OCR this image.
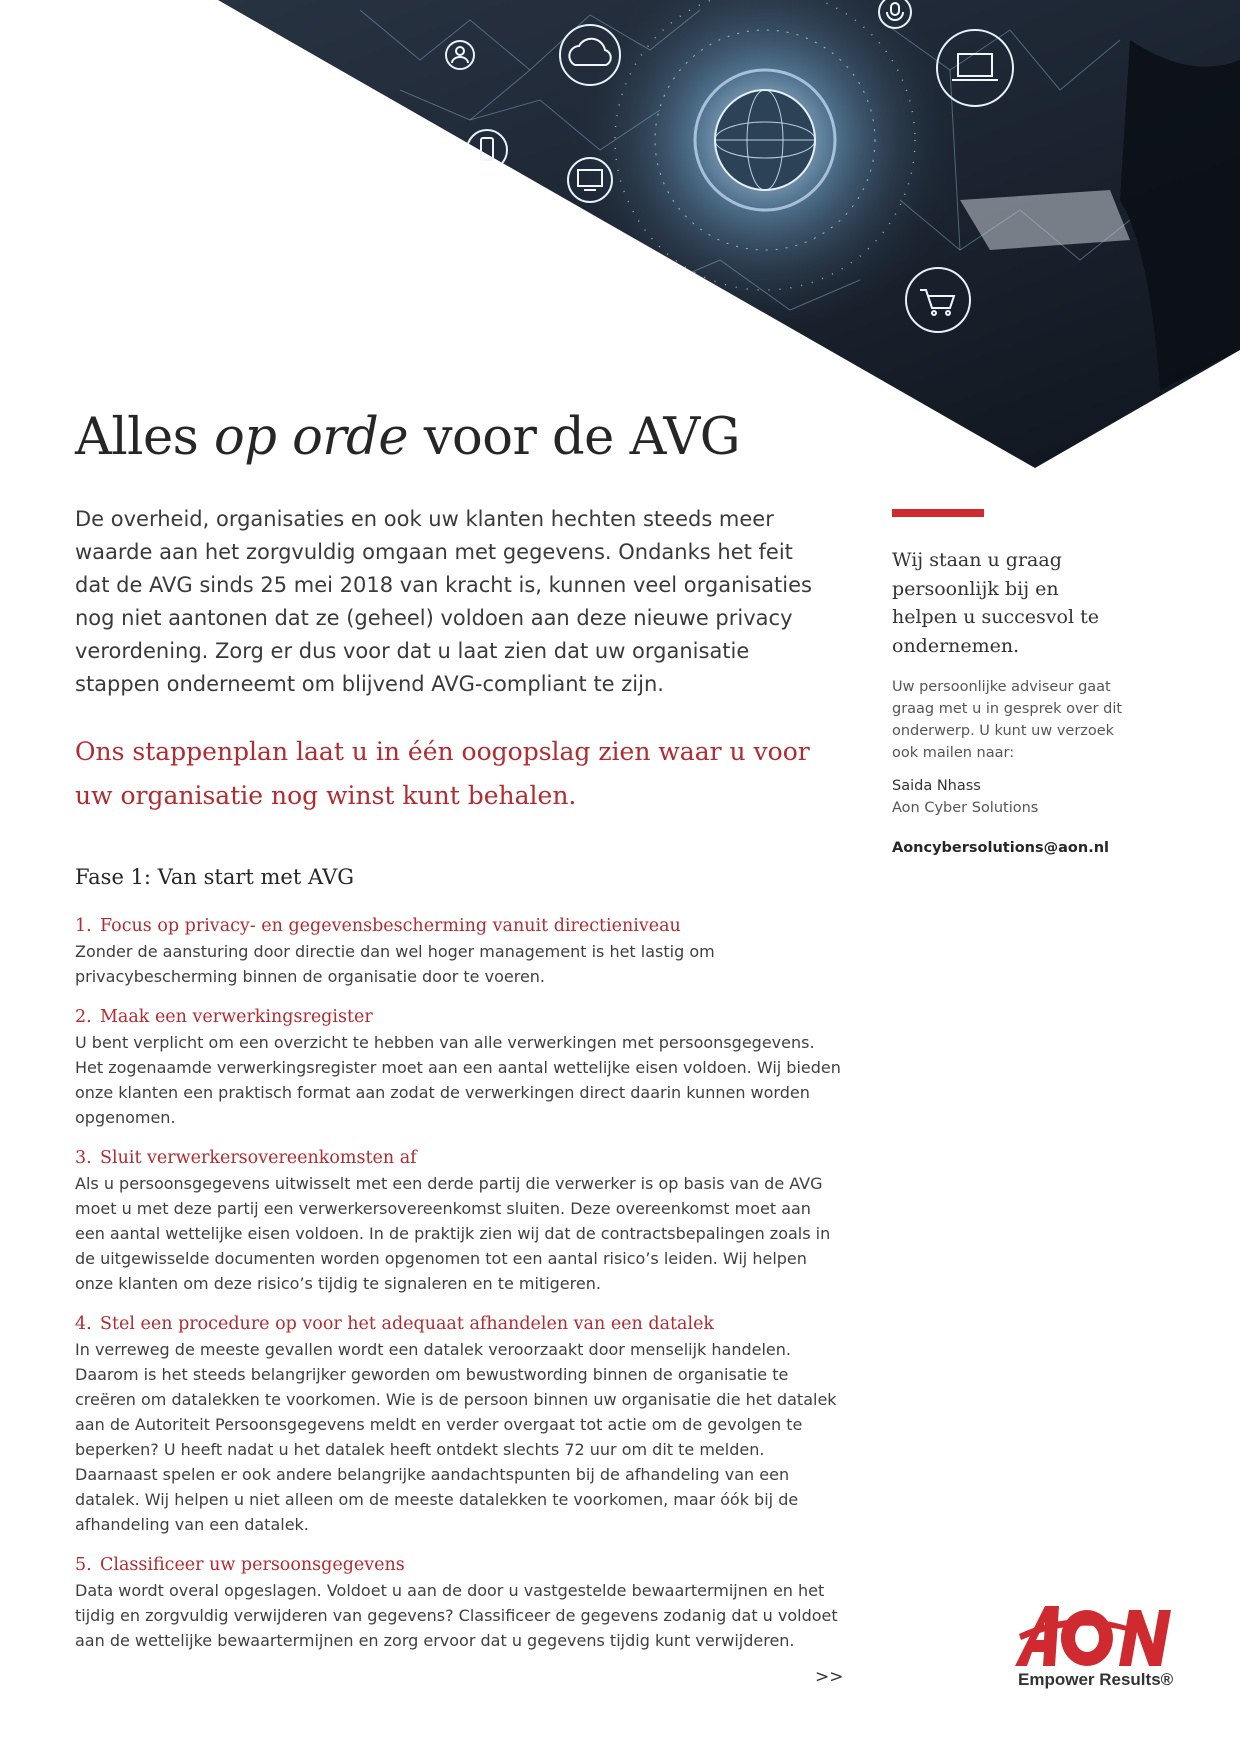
Alles op orde voor de AVG

De overheid, organisaties en ook uw klanten hechten steeds meer waarde aan het zorgvuldig omgaan met gegevens. Ondanks het feit dat de AVG sinds 25 mei 2018 van kracht is, kunnen veel organisaties nog niet aantonen dat ze (geheel) voldoen aan deze nieuwe privacy verordening. Zorg er dus voor dat u laat zien dat uw organisatie stappen onderneemt om blijvend AVG-compliant te zijn.

Ons stappenplan laat u in één oogopslag zien waar u voor uw organisatie nog winst kunt behalen.

Fase 1: Van start met AVG
1. Focus op privacy- en gegevensbescherming vanuit directieniveau

Zonder de aansturing door directie dan wel hoger management is het lastig om privacybescherming binnen de organisatie door te voeren.

2. Maak een verwerkingsregister

U bent verplicht om een overzicht te hebben van alle verwerkingen met persoonsgegevens. Het zogenaamde verwerkingsregister moet aan een aantal wettelijke eisen voldoen. Wij bieden onze klanten een praktisch format aan zodat de verwerkingen direct daarin kunnen worden opgenomen.

3. Sluit verwerkersovereenkomsten af

Als u persoonsgegevens uitwisselt met een derde partij die verwerker is op basis van de AVG moet u met deze partij een verwerkersovereenkomst sluiten. Deze overeenkomst moet aan een aantal wettelijke eisen voldoen. In de praktijk zien wij dat de contractsbepalingen zoals in de uitgewisselde documenten worden opgenomen tot een aantal risico’s leiden. Wij helpen onze klanten om deze risico’s tijdig te signaleren en te mitigeren.

4. Stel een procedure op voor het adequaat afhandelen van een datalek

In verreweg de meeste gevallen wordt een datalek veroorzaakt door menselijk handelen. Daarom is het steeds belangrijker geworden om bewustwording binnen de organisatie te creëren om datalekken te voorkomen. Wie is de persoon binnen uw organisatie die het datalek aan de Autoriteit Persoonsgegevens meldt en verder overgaat tot actie om de gevolgen te beperken? U heeft nadat u het datalek heeft ontdekt slechts 72 uur om dit te melden. Daarnaast spelen er ook andere belangrijke aandachtspunten bij de afhandeling van een datalek. Wij helpen u niet alleen om de meeste datalekken te voorkomen, maar óók bij de afhandeling van een datalek.

5. Classificeer uw persoonsgegevens

Data wordt overal opgeslagen. Voldoet u aan de door u vastgestelde bewaartermijnen en het tijdig en zorgvuldig verwijderen van gegevens? Classificeer de gegevens zodanig dat u voldoet aan de wettelijke bewaartermijnen en zorg ervoor dat u gegevens tijdig kunt verwijderen.

Wij staan u graag persoonlijk bij en helpen u succesvol te ondernemen.

Uw persoonlijke adviseur gaat graag met u in gesprek over dit onderwerp. U kunt uw verzoek ook mailen naar:

Saida Nhass

Aon Cyber Solutions

Aoncybersolutions@aon.nl

>>	Empower Results®
